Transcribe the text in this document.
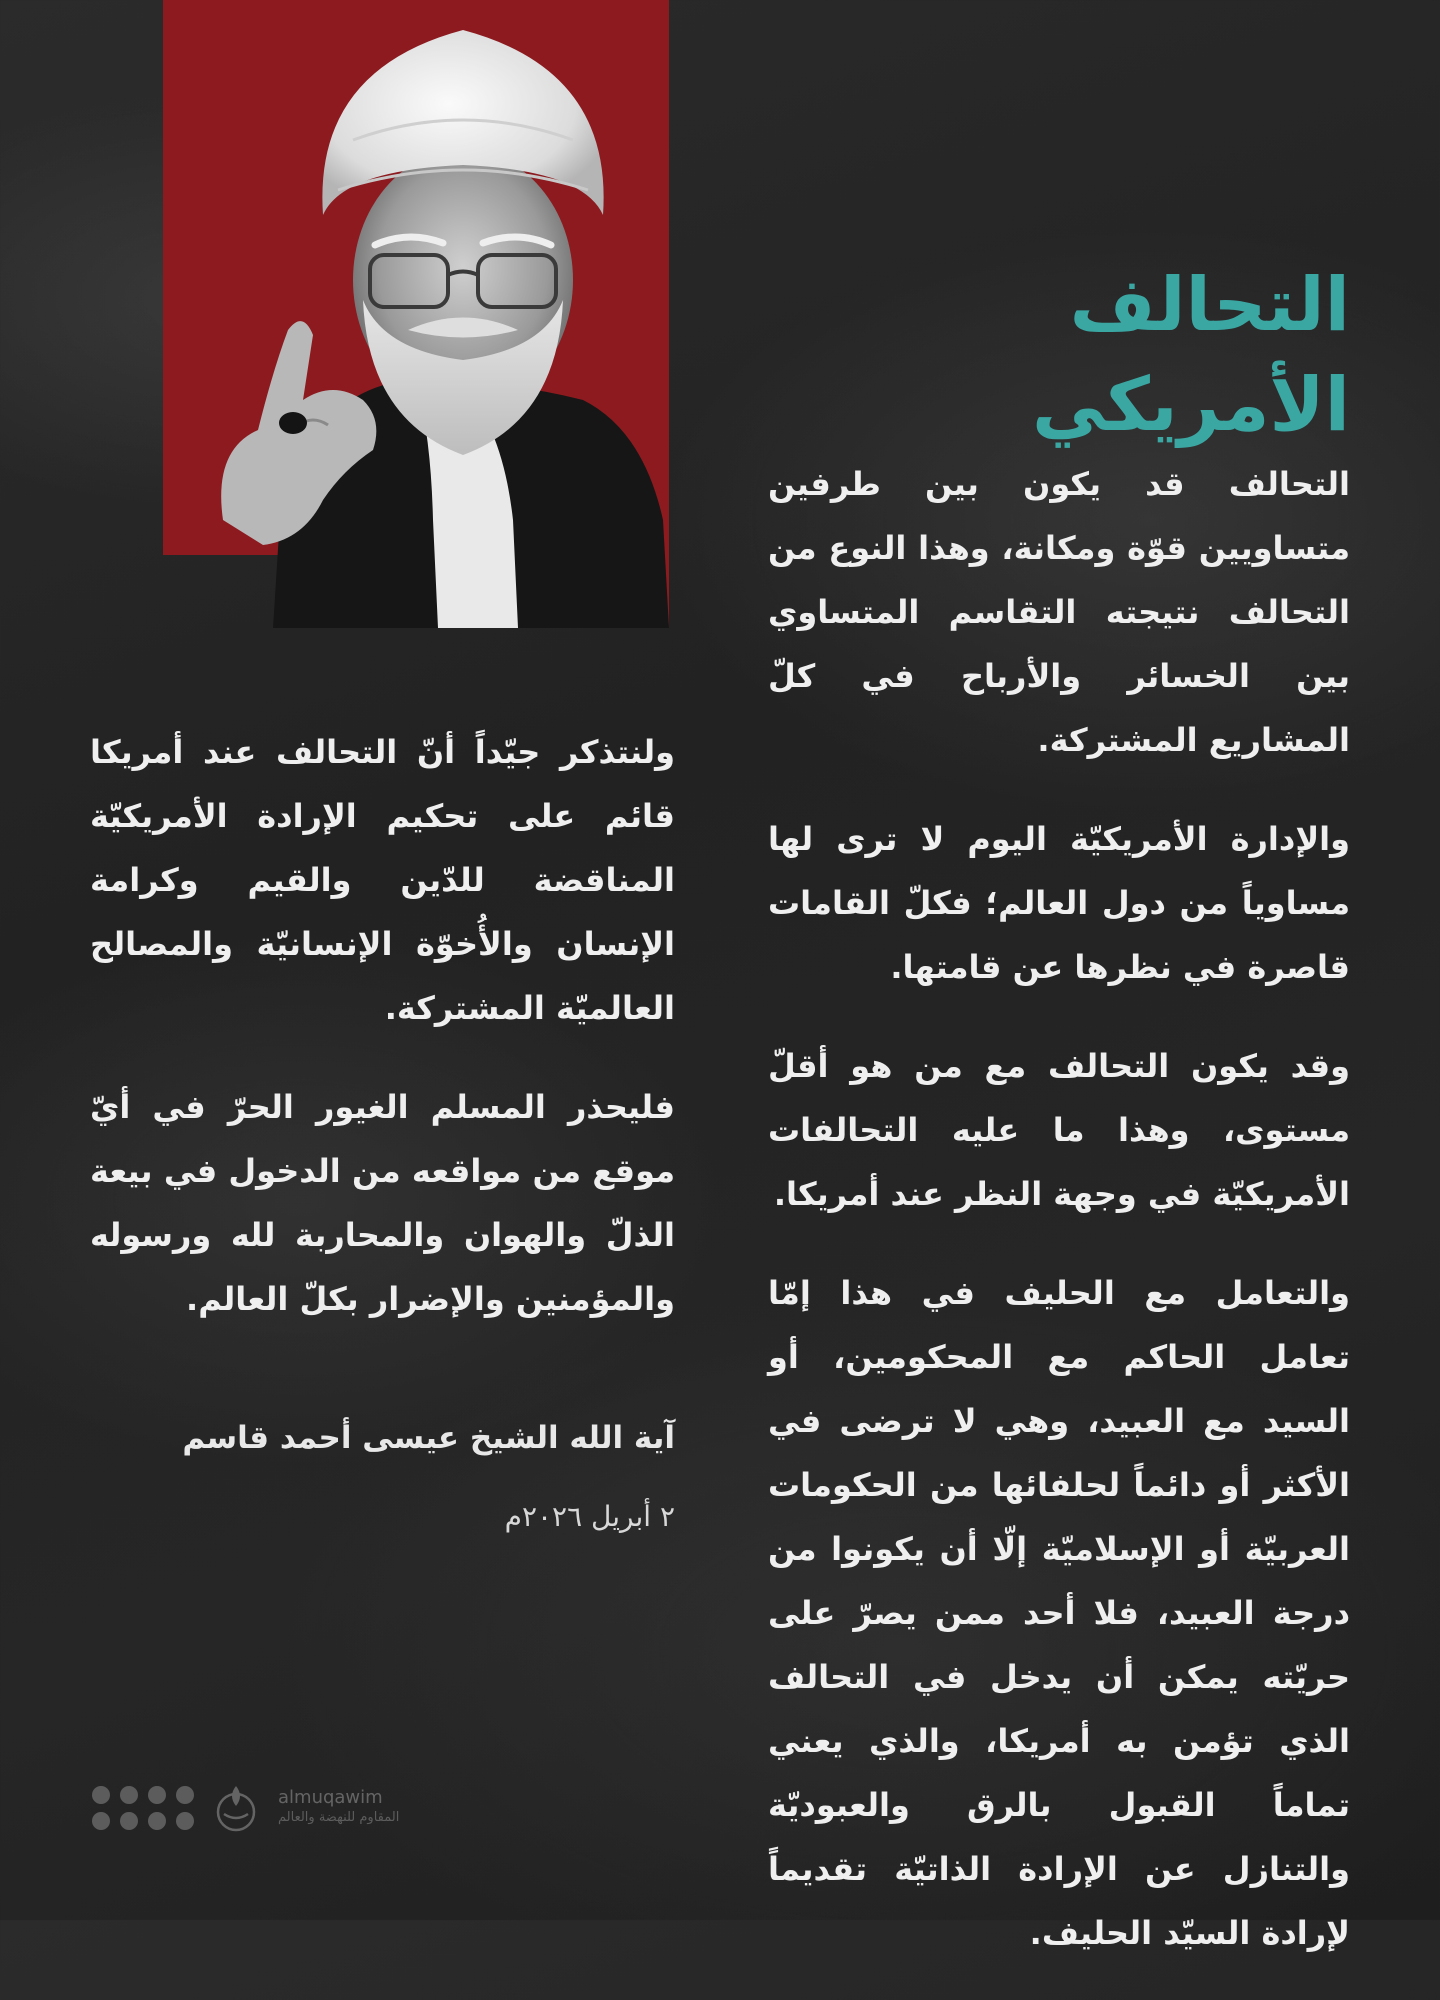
التحالف
الأمريكي

التحالف قد يكون بين طرفين متساويين قوّة ومكانة، وهذا النوع من التحالف نتيجته التقاسم المتساوي بين الخسائر والأرباح في كلّ المشاريع المشتركة.

والإدارة الأمريكيّة اليوم لا ترى لها مساوياً من دول العالم؛ فكلّ القامات قاصرة في نظرها عن قامتها.

وقد يكون التحالف مع من هو أقلّ مستوى، وهذا ما عليه التحالفات الأمريكيّة في وجهة النظر عند أمريكا.

والتعامل مع الحليف في هذا إمّا تعامل الحاكم مع المحكومين، أو السيد مع العبيد، وهي لا ترضى في الأكثر أو دائماً لحلفائها من الحكومات العربيّة أو الإسلاميّة إلّا أن يكونوا من درجة العبيد، فلا أحد ممن يصرّ على حريّته يمكن أن يدخل في التحالف الذي تؤمن به أمريكا، والذي يعني تماماً القبول بالرق والعبوديّة والتنازل عن الإرادة الذاتيّة تقديماً لإرادة السيّد الحليف.

ولنتذكر جيّداً أنّ التحالف عند أمريكا قائم على تحكيم الإرادة الأمريكيّة المناقضة للدّين والقيم وكرامة الإنسان والأُخوّة الإنسانيّة والمصالح العالميّة المشتركة.

فليحذر المسلم الغيور الحرّ في أيّ موقع من مواقعه من الدخول في بيعة الذلّ والهوان والمحاربة لله ورسوله والمؤمنين والإضرار بكلّ العالم.

آية الله الشيخ عيسى أحمد قاسم
٢ أبريل ٢٠٢٦م
almuqawim
المقاوم للنهضة والعالم
